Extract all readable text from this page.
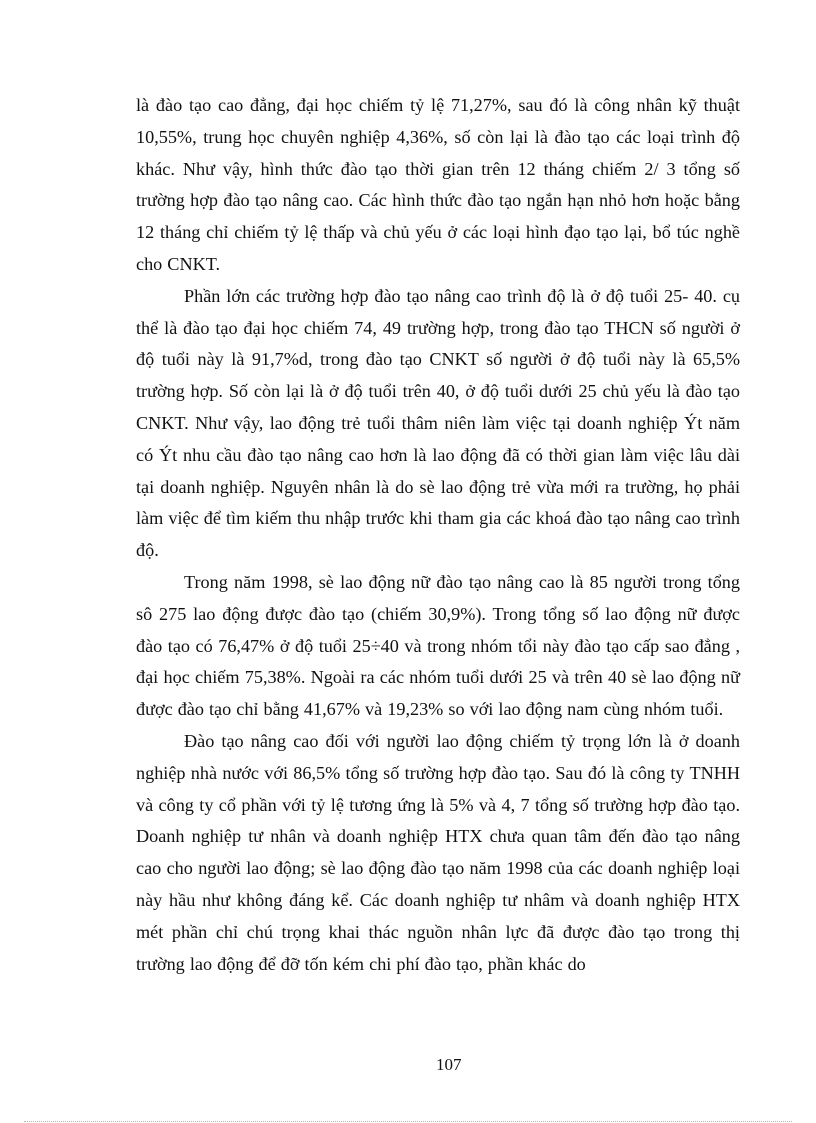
là đào tạo cao đẳng, đại học chiếm tỷ lệ 71,27%, sau đó là công nhân kỹ thuật 10,55%, trung học chuyên nghiệp 4,36%, số còn lại là đào tạo các loại trình độ khác. Như vậy, hình thức đào tạo thời gian trên 12 tháng chiếm 2/ 3 tổng số trường hợp đào tạo nâng cao. Các hình thức đào tạo ngắn hạn nhỏ hơn hoặc bằng 12 tháng chỉ chiếm tỷ lệ thấp và chủ yếu ở các loại hình đạo tạo lại, bổ túc nghề cho CNKT.

Phần lớn các trường hợp đào tạo nâng cao trình độ là ở độ tuổi 25- 40. cụ thể là đào tạo đại học chiếm 74, 49 trường hợp, trong đào tạo THCN số người ở độ tuổi này là 91,7%d, trong đào tạo CNKT số người ở độ tuổi này là 65,5% trường hợp. Số còn lại là ở độ tuổi trên 40, ở độ tuổi dưới 25 chủ yếu là đào tạo CNKT. Như vậy, lao động trẻ tuổi thâm niên làm việc tại doanh nghiệp Ýt năm có Ýt nhu cầu đào tạo nâng cao hơn là lao động đã có thời gian làm việc lâu dài tại doanh nghiệp. Nguyên nhân là do sè lao động trẻ vừa mới ra trường, họ phải làm việc để tìm kiếm thu nhập trước khi tham gia các khoá đào tạo nâng cao trình độ.

Trong năm 1998, sè lao động nữ đào tạo nâng cao là 85 người trong tổng sô 275 lao động được đào tạo (chiếm 30,9%). Trong tổng số lao động nữ được đào tạo có 76,47% ở độ tuổi 25÷40 và trong nhóm tổi này đào tạo cấp sao đẳng , đại học chiếm 75,38%. Ngoài ra các nhóm tuổi dưới 25 và trên 40 sè lao động nữ được đào tạo chỉ bằng 41,67% và 19,23% so với lao động nam cùng nhóm tuổi.

Đào tạo nâng cao đối với người lao động chiếm tỷ trọng lớn là ở doanh nghiệp nhà nước với 86,5% tổng số trường hợp đào tạo. Sau đó là công ty TNHH và công ty cổ phần với tỷ lệ tương ứng là 5% và 4, 7 tổng số trường hợp đào tạo. Doanh nghiệp tư nhân và doanh nghiệp HTX chưa quan tâm đến đào tạo nâng cao cho người lao động; sè lao động đào tạo năm 1998 của các doanh nghiệp loại này hầu như không đáng kể. Các doanh nghiệp tư nhâm và doanh nghiệp HTX mét phần chỉ chú trọng khai thác nguồn nhân lực đã được đào tạo trong thị trường lao động để đỡ tốn kém chi phí đào tạo, phần khác do

107
